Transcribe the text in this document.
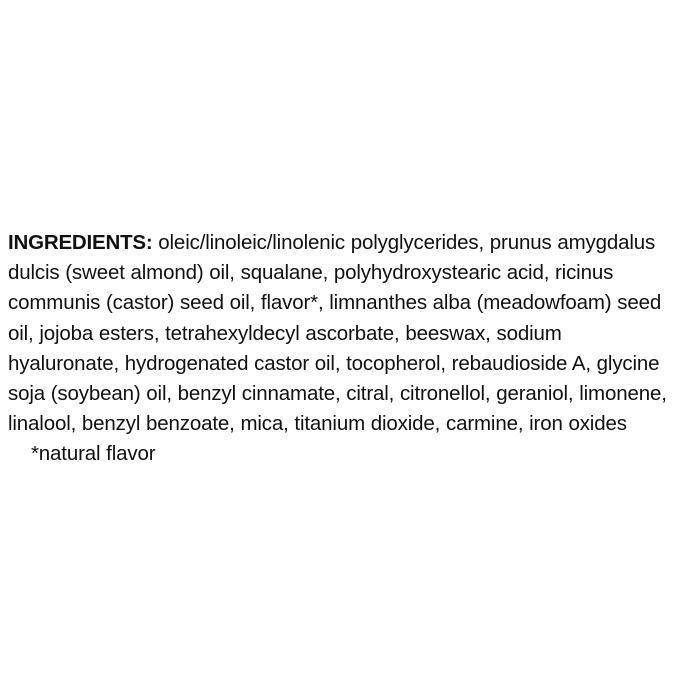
INGREDIENTS: oleic/linoleic/linolenic polyglycerides, prunus amygdalus dulcis (sweet almond) oil, squalane, polyhydroxystearic acid, ricinus communis (castor) seed oil, flavor*, limnanthes alba (meadowfoam) seed oil, jojoba esters, tetrahexyldecyl ascorbate, beeswax, sodium hyaluronate, hydrogenated castor oil, tocopherol, rebaudioside A, glycine soja (soybean) oil, benzyl cinnamate, citral, citronellol, geraniol, limonene, linalool, benzyl benzoate, mica, titanium dioxide, carmine, iron oxides    *natural flavor
